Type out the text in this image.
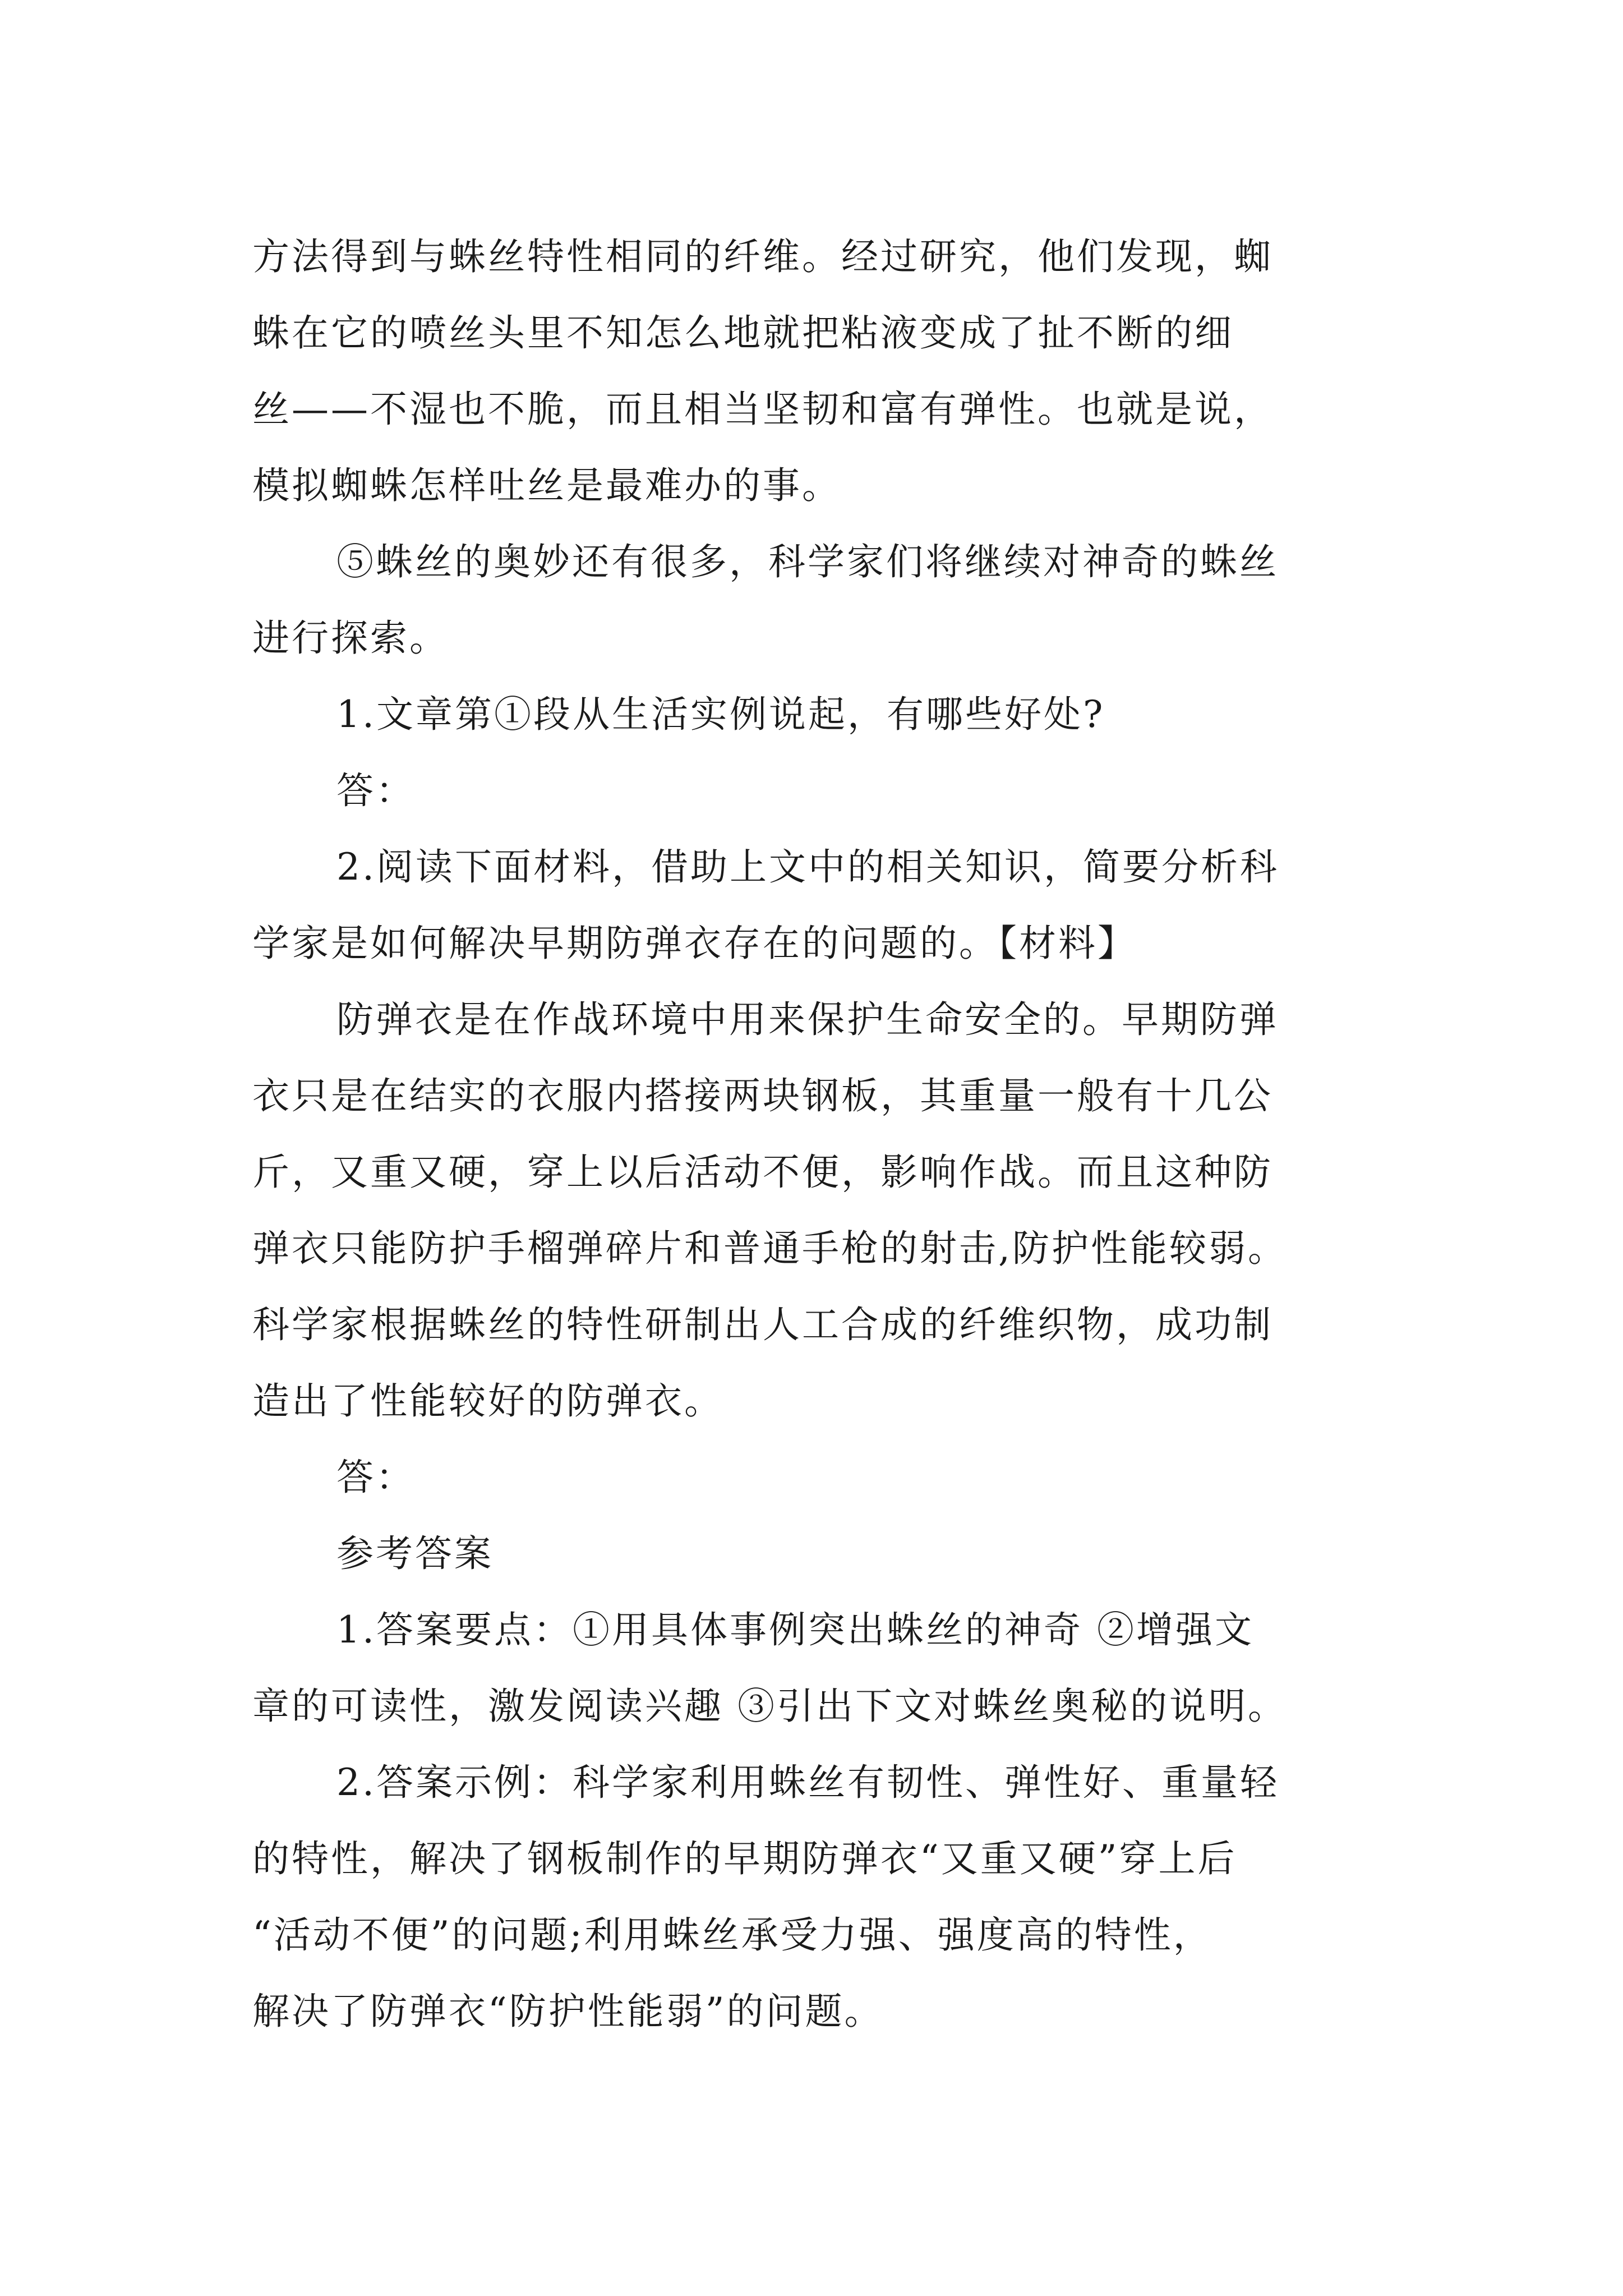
方法得到与蛛丝特性相同的纤维。经过研究，他们发现，蜘
蛛在它的喷丝头里不知怎么地就把粘液变成了扯不断的细
丝——不湿也不脆，而且相当坚韧和富有弹性。也就是说，
模拟蜘蛛怎样吐丝是最难办的事。
⑤蛛丝的奥妙还有很多，科学家们将继续对神奇的蛛丝
进行探索。
1.文章第①段从生活实例说起，有哪些好处?
答：
2.阅读下面材料，借助上文中的相关知识，简要分析科
学家是如何解决早期防弹衣存在的问题的。【材料】
防弹衣是在作战环境中用来保护生命安全的。早期防弹
衣只是在结实的衣服内搭接两块钢板，其重量一般有十几公
斤，又重又硬，穿上以后活动不便，影响作战。而且这种防
弹衣只能防护手榴弹碎片和普通手枪的射击,防护性能较弱。
科学家根据蛛丝的特性研制出人工合成的纤维织物，成功制
造出了性能较好的防弹衣。
答：
参考答案
1.答案要点：①用具体事例突出蛛丝的神奇 ②增强文
章的可读性，激发阅读兴趣 ③引出下文对蛛丝奥秘的说明。
2.答案示例：科学家利用蛛丝有韧性、弹性好、重量轻
的特性，解决了钢板制作的早期防弹衣“又重又硬”穿上后
“活动不便”的问题;利用蛛丝承受力强、强度高的特性，
解决了防弹衣“防护性能弱”的问题。
